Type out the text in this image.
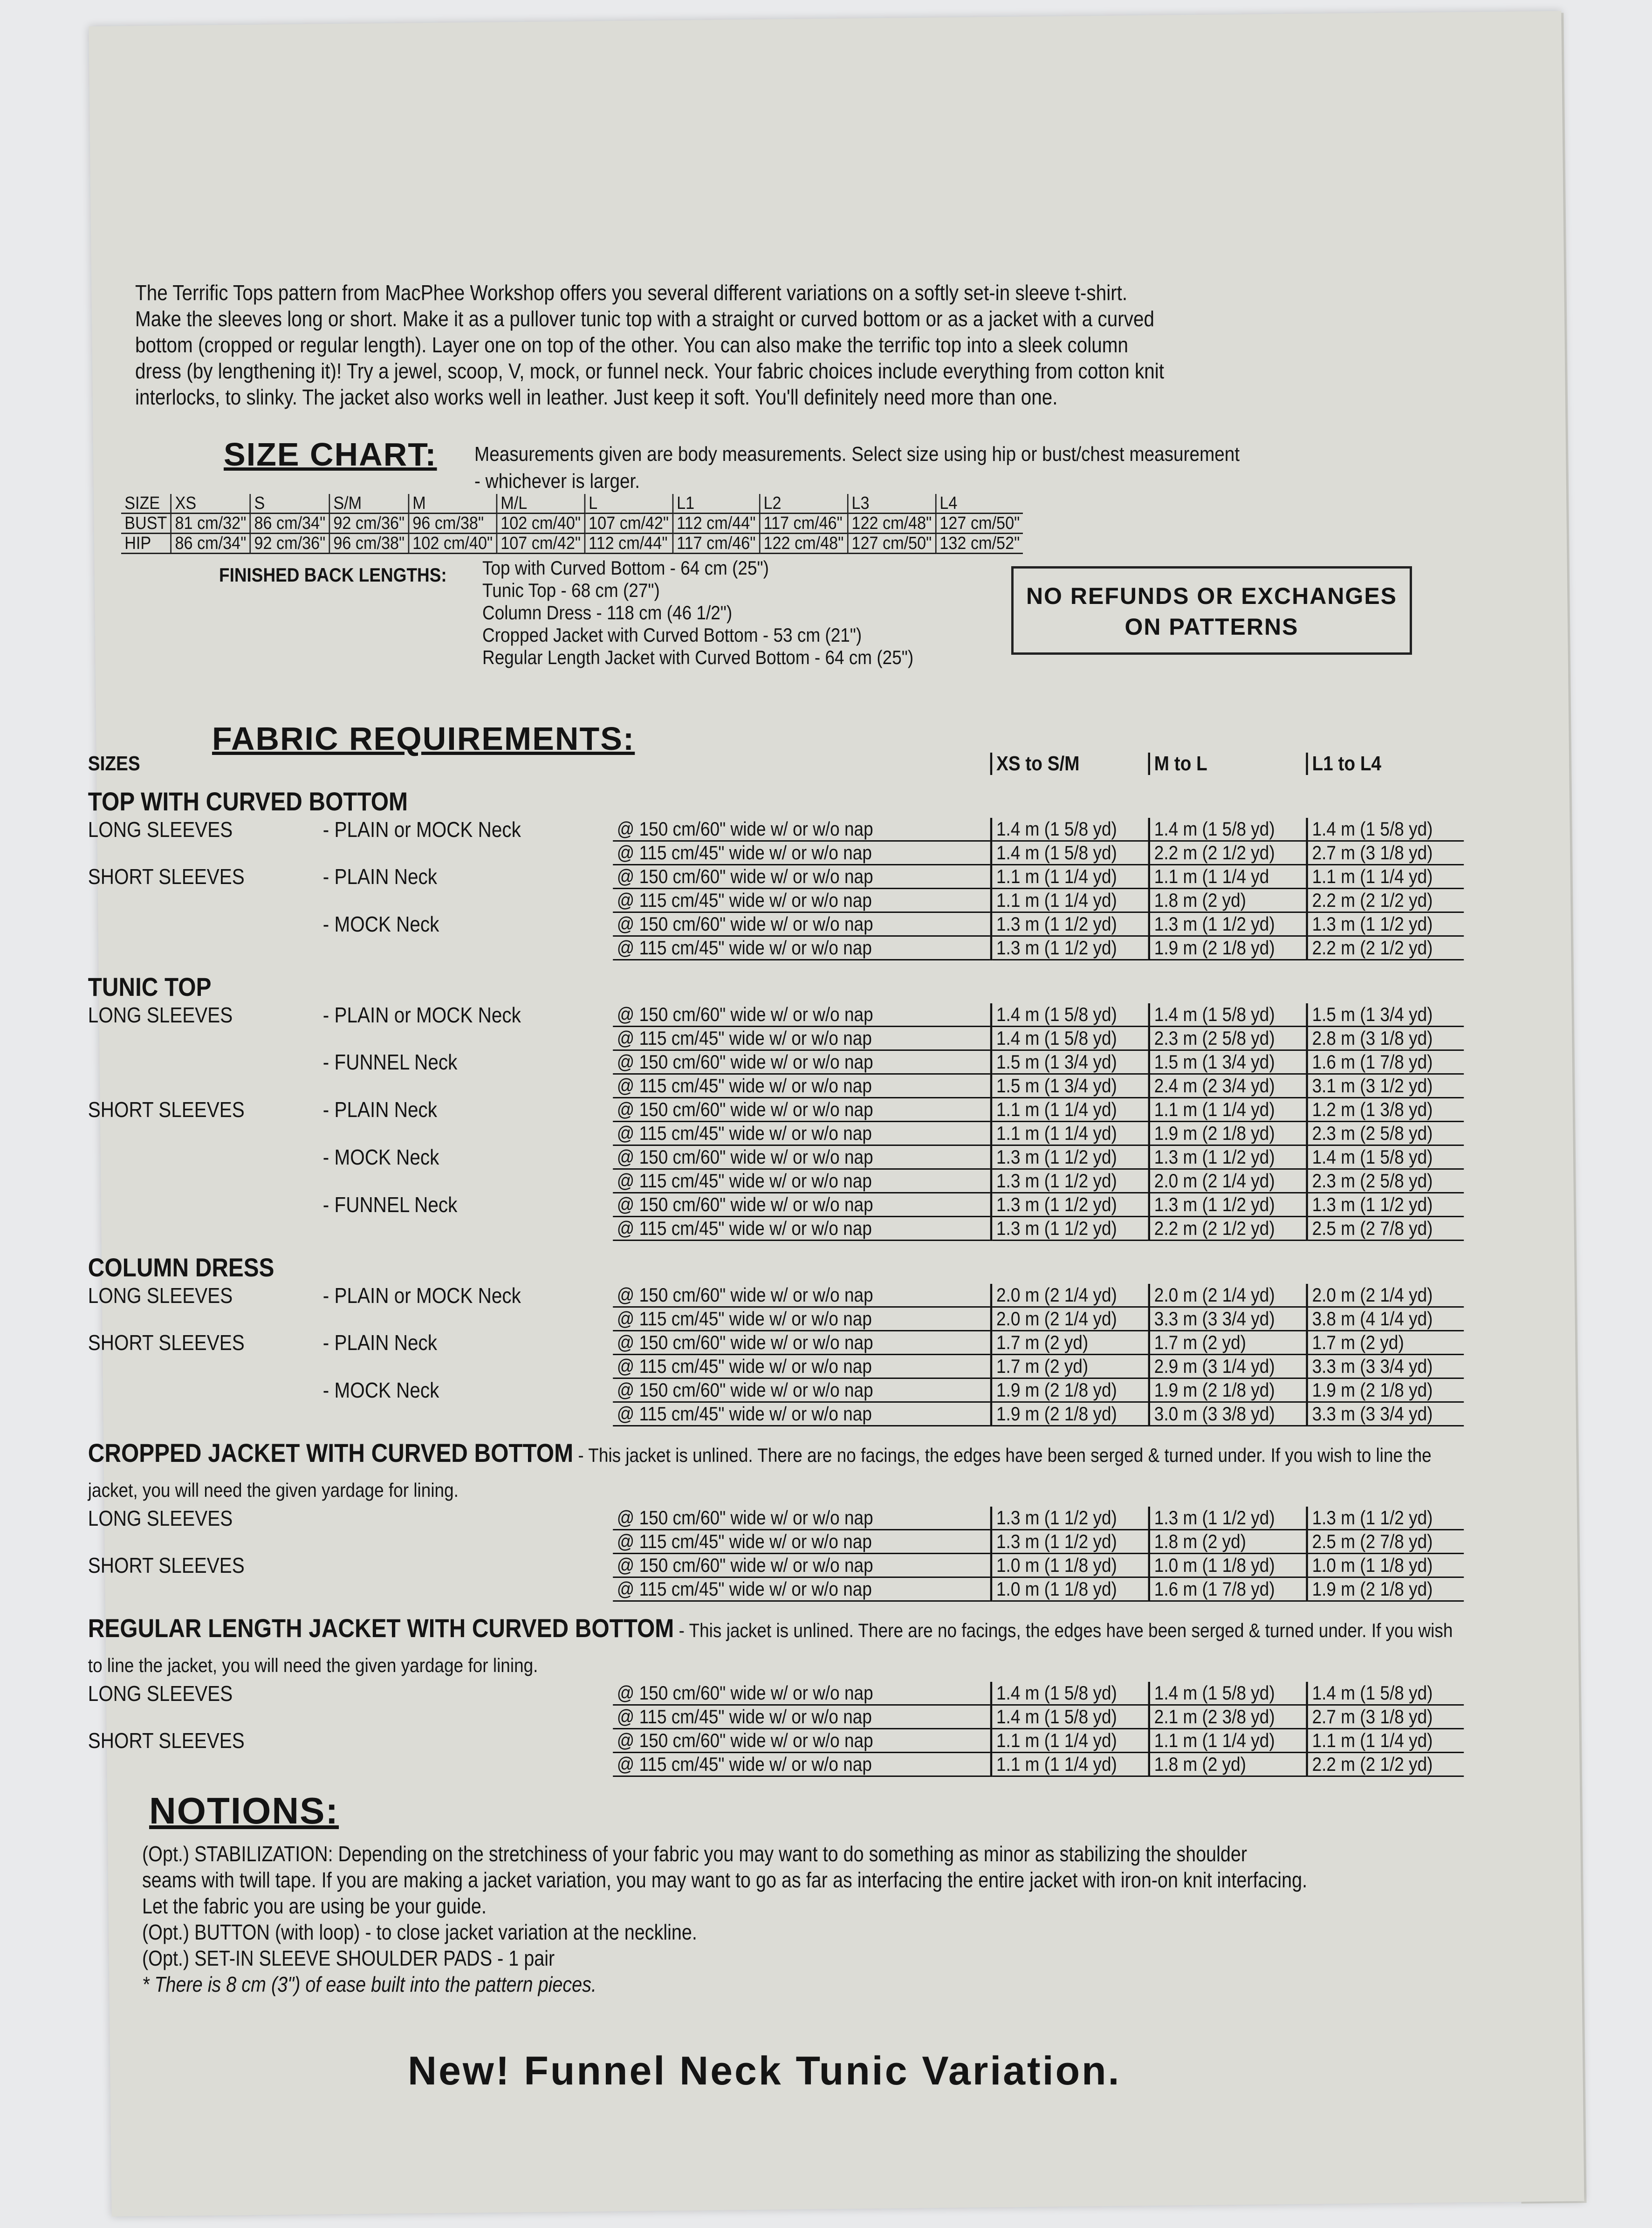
The Terrific Tops pattern from MacPhee Workshop offers you several different variations on a softly set-in sleeve t-shirt.
Make the sleeves long or short. Make it as a pullover tunic top with a straight or curved bottom or as a jacket with a curved
bottom (cropped or regular length). Layer one on top of the other. You can also make the terrific top into a sleek column
dress (by lengthening it)! Try a jewel, scoop, V, mock, or funnel neck. Your fabric choices include everything from cotton knit
interlocks, to slinky. The jacket also works well in leather. Just keep it soft. You'll definitely need more than one.
SIZE CHART: Measurements given are body measurements. Select size using hip or bust/chest measurement
- whichever is larger.
SIZE	XS	S	S/M	M	M/L	L	L1	L2	L3	L4
BUST	81 cm/32"	86 cm/34"	92 cm/36"	96 cm/38"	102 cm/40"	107 cm/42"	112 cm/44"	117 cm/46"	122 cm/48"	127 cm/50"
HIP	86 cm/34"	92 cm/36"	96 cm/38"	102 cm/40"	107 cm/42"	112 cm/44"	117 cm/46"	122 cm/48"	127 cm/50"	132 cm/52"
FINISHED BACK LENGTHS: Top with Curved Bottom - 64 cm (25")
Tunic Top - 68 cm (27")
Column Dress - 118 cm (46 1/2")
Cropped Jacket with Curved Bottom - 53 cm (21")
Regular Length Jacket with Curved Bottom - 64 cm (25")
NO REFUNDS OR EXCHANGES
ON PATTERNS
FABRIC REQUIREMENTS:
SIZES			XS to S/M	M to L	L1 to L4
TOP WITH CURVED BOTTOM					
LONG SLEEVES	- PLAIN or MOCK Neck	@ 150 cm/60" wide w/ or w/o nap	1.4 m (1 5/8 yd)	1.4 m (1 5/8 yd)	1.4 m (1 5/8 yd)
		@ 115 cm/45" wide w/ or w/o nap	1.4 m (1 5/8 yd)	2.2 m (2 1/2 yd)	2.7 m (3 1/8 yd)
SHORT SLEEVES	- PLAIN Neck	@ 150 cm/60" wide w/ or w/o nap	1.1 m (1 1/4 yd)	1.1 m (1 1/4 yd	1.1 m (1 1/4 yd)
		@ 115 cm/45" wide w/ or w/o nap	1.1 m (1 1/4 yd)	1.8 m (2 yd)	2.2 m (2 1/2 yd)
	- MOCK Neck	@ 150 cm/60" wide w/ or w/o nap	1.3 m (1 1/2 yd)	1.3 m (1 1/2 yd)	1.3 m (1 1/2 yd)
		@ 115 cm/45" wide w/ or w/o nap	1.3 m (1 1/2 yd)	1.9 m (2 1/8 yd)	2.2 m (2 1/2 yd)
TUNIC TOP					
LONG SLEEVES	- PLAIN or MOCK Neck	@ 150 cm/60" wide w/ or w/o nap	1.4 m (1 5/8 yd)	1.4 m (1 5/8 yd)	1.5 m (1 3/4 yd)
		@ 115 cm/45" wide w/ or w/o nap	1.4 m (1 5/8 yd)	2.3 m (2 5/8 yd)	2.8 m (3 1/8 yd)
	- FUNNEL Neck	@ 150 cm/60" wide w/ or w/o nap	1.5 m (1 3/4 yd)	1.5 m (1 3/4 yd)	1.6 m (1 7/8 yd)
		@ 115 cm/45" wide w/ or w/o nap	1.5 m (1 3/4 yd)	2.4 m (2 3/4 yd)	3.1 m (3 1/2 yd)
SHORT SLEEVES	- PLAIN Neck	@ 150 cm/60" wide w/ or w/o nap	1.1 m (1 1/4 yd)	1.1 m (1 1/4 yd)	1.2 m (1 3/8 yd)
		@ 115 cm/45" wide w/ or w/o nap	1.1 m (1 1/4 yd)	1.9 m (2 1/8 yd)	2.3 m (2 5/8 yd)
	- MOCK Neck	@ 150 cm/60" wide w/ or w/o nap	1.3 m (1 1/2 yd)	1.3 m (1 1/2 yd)	1.4 m (1 5/8 yd)
		@ 115 cm/45" wide w/ or w/o nap	1.3 m (1 1/2 yd)	2.0 m (2 1/4 yd)	2.3 m (2 5/8 yd)
	- FUNNEL Neck	@ 150 cm/60" wide w/ or w/o nap	1.3 m (1 1/2 yd)	1.3 m (1 1/2 yd)	1.3 m (1 1/2 yd)
		@ 115 cm/45" wide w/ or w/o nap	1.3 m (1 1/2 yd)	2.2 m (2 1/2 yd)	2.5 m (2 7/8 yd)
COLUMN DRESS					
LONG SLEEVES	- PLAIN or MOCK Neck	@ 150 cm/60" wide w/ or w/o nap	2.0 m (2 1/4 yd)	2.0 m (2 1/4 yd)	2.0 m (2 1/4 yd)
		@ 115 cm/45" wide w/ or w/o nap	2.0 m (2 1/4 yd)	3.3 m (3 3/4 yd)	3.8 m (4 1/4 yd)
SHORT SLEEVES	- PLAIN Neck	@ 150 cm/60" wide w/ or w/o nap	1.7 m (2 yd)	1.7 m (2 yd)	1.7 m (2 yd)
		@ 115 cm/45" wide w/ or w/o nap	1.7 m (2 yd)	2.9 m (3 1/4 yd)	3.3 m (3 3/4 yd)
	- MOCK Neck	@ 150 cm/60" wide w/ or w/o nap	1.9 m (2 1/8 yd)	1.9 m (2 1/8 yd)	1.9 m (2 1/8 yd)
		@ 115 cm/45" wide w/ or w/o nap	1.9 m (2 1/8 yd)	3.0 m (3 3/8 yd)	3.3 m (3 3/4 yd)
CROPPED JACKET WITH CURVED BOTTOM - This jacket is unlined. There are no facings, the edges have been serged & turned under. If you wish to line the jacket, you will need the given yardage for lining.					
LONG SLEEVES		@ 150 cm/60" wide w/ or w/o nap	1.3 m (1 1/2 yd)	1.3 m (1 1/2 yd)	1.3 m (1 1/2 yd)
		@ 115 cm/45" wide w/ or w/o nap	1.3 m (1 1/2 yd)	1.8 m (2 yd)	2.5 m (2 7/8 yd)
SHORT SLEEVES		@ 150 cm/60" wide w/ or w/o nap	1.0 m (1 1/8 yd)	1.0 m (1 1/8 yd)	1.0 m (1 1/8 yd)
		@ 115 cm/45" wide w/ or w/o nap	1.0 m (1 1/8 yd)	1.6 m (1 7/8 yd)	1.9 m (2 1/8 yd)
REGULAR LENGTH JACKET WITH CURVED BOTTOM - This jacket is unlined. There are no facings, the edges have been serged & turned under. If you wish to line the jacket, you will need the given yardage for lining.					
LONG SLEEVES		@ 150 cm/60" wide w/ or w/o nap	1.4 m (1 5/8 yd)	1.4 m (1 5/8 yd)	1.4 m (1 5/8 yd)
		@ 115 cm/45" wide w/ or w/o nap	1.4 m (1 5/8 yd)	2.1 m (2 3/8 yd)	2.7 m (3 1/8 yd)
SHORT SLEEVES		@ 150 cm/60" wide w/ or w/o nap	1.1 m (1 1/4 yd)	1.1 m (1 1/4 yd)	1.1 m (1 1/4 yd)
		@ 115 cm/45" wide w/ or w/o nap	1.1 m (1 1/4 yd)	1.8 m (2 yd)	2.2 m (2 1/2 yd)
NOTIONS:
(Opt.) STABILIZATION: Depending on the stretchiness of your fabric you may want to do something as minor as stabilizing the shoulder
seams with twill tape. If you are making a jacket variation, you may want to go as far as interfacing the entire jacket with iron-on knit interfacing.
Let the fabric you are using be your guide.
(Opt.) BUTTON (with loop) - to close jacket variation at the neckline.
(Opt.) SET-IN SLEEVE SHOULDER PADS - 1 pair
* There is 8 cm (3") of ease built into the pattern pieces.
New! Funnel Neck Tunic Variation.
